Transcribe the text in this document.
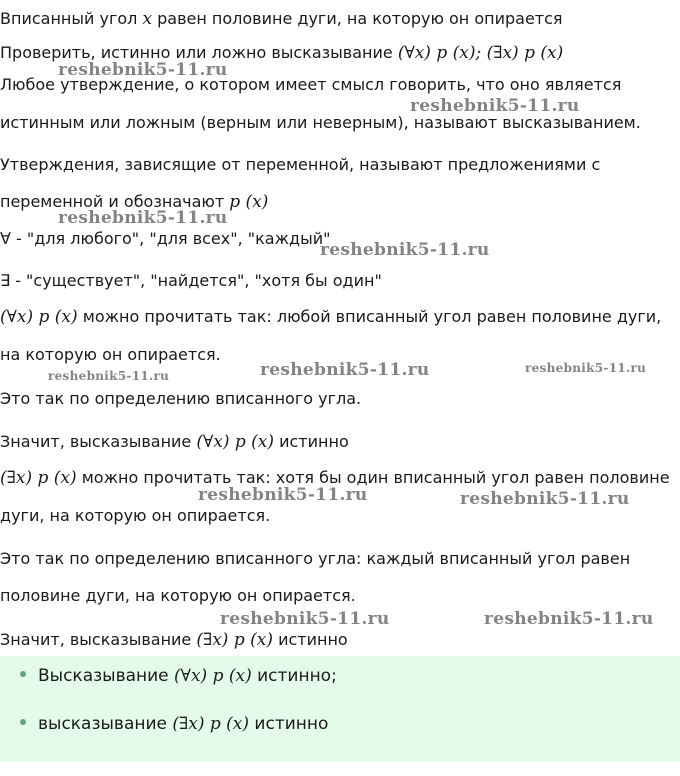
Вписанный угол x равен половине дуги, на которую он опирается
Проверить, истинно или ложно высказывание (∀x) p (x); (∃x) p (x)
Любое утверждение, о котором имеет смысл говорить, что оно является
истинным или ложным (верным или неверным), называют высказыванием.
Утверждения, зависящие от переменной, называют предложениями с
переменной и обозначают p (x)
∀ - "для любого", "для всех", "каждый"
∃ - "существует", "найдется", "хотя бы один"
(∀x) p (x) можно прочитать так: любой вписанный угол равен половине дуги,
на которую он опирается.
Это так по определению вписанного угла.
Значит, высказывание (∀x) p (x) истинно
(∃x) p (x) можно прочитать так: хотя бы один вписанный угол равен половине
дуги, на которую он опирается.
Это так по определению вписанного угла: каждый вписанный угол равен
половине дуги, на которую он опирается.
Значит, высказывание (∃x) p (x) истинно
Высказывание (∀x) p (x) истинно;
высказывание (∃x) p (x) истинно
reshebnik5-11.ru
reshebnik5-11.ru
reshebnik5-11.ru
reshebnik5-11.ru
reshebnik5-11.ru	reshebnik5-11.ru	reshebnik5-11.ru
reshebnik5-11.ru	reshebnik5-11.ru
reshebnik5-11.ru	reshebnik5-11.ru
